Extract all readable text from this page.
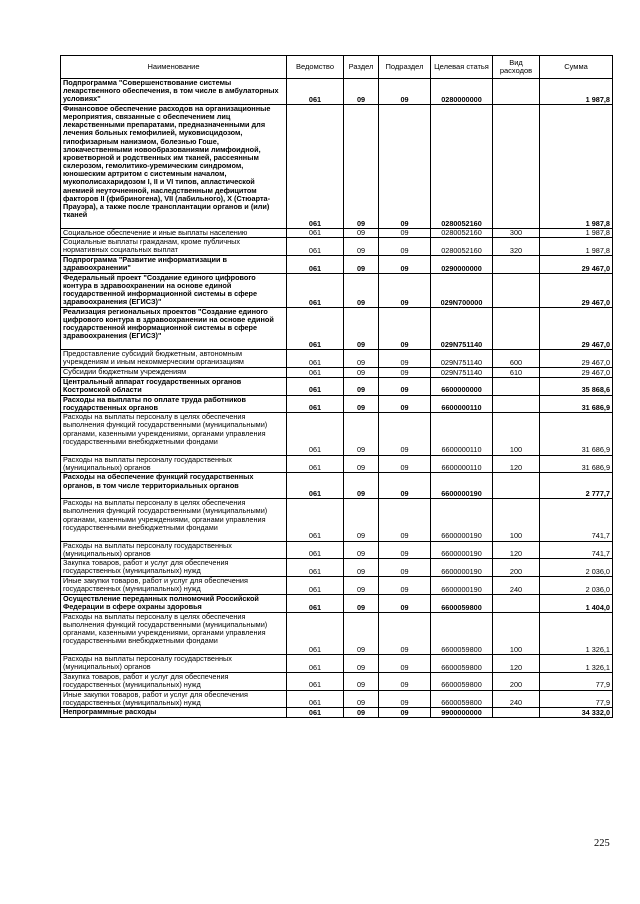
Наименование	Ведомство	Раздел	Подраздел	Целевая статья	Вид расходов	Сумма
Подпрограмма "Совершенствование системы лекарственного обеспечения, в том числе в амбулаторных условиях"	061	09	09	0280000000		1 987,8
Финансовое обеспечение расходов на организационные мероприятия, связанные с обеспечением лиц лекарственными препаратами, предназначенными для лечения больных гемофилией, муковисцидозом, гипофизарным нанизмом, болезнью Гоше, злокачественными новообразованиями лимфоидной, кроветворной и родственных им тканей, рассеянным склерозом, гемолитико-уремическим синдромом, юношеским артритом с системным началом, мукополисахаридозом I, II и VI типов, апластической анемией неуточненной, наследственным дефицитом факторов II (фибриногена), VII (лабильного), X (Стюарта-Прауэра), а также после трансплантации органов и (или) тканей	061	09	09	0280052160		1 987,8
Социальное обеспечение и иные выплаты населению	061	09	09	0280052160	300	1 987,8
Социальные выплаты гражданам, кроме публичных нормативных социальных выплат	061	09	09	0280052160	320	1 987,8
Подпрограмма "Развитие информатизации в здравоохранении"	061	09	09	0290000000		29 467,0
Федеральный проект "Создание единого цифрового контура в здравоохранении на основе единой государственной информационной системы в сфере здравоохранения (ЕГИСЗ)"	061	09	09	029N700000		29 467,0
Реализация региональных проектов "Создание единого цифрового контура в здравоохранении на основе единой государственной информационной системы в сфере здравоохранения (ЕГИСЗ)"	061	09	09	029N751140		29 467,0
Предоставление субсидий бюджетным, автономным учреждениям и иным некоммерческим организациям	061	09	09	029N751140	600	29 467,0
Субсидии бюджетным учреждениям	061	09	09	029N751140	610	29 467,0
Центральный аппарат государственных органов Костромской области	061	09	09	6600000000		35 868,6
Расходы на выплаты по оплате труда работников государственных органов	061	09	09	6600000110		31 686,9
Расходы на выплаты персоналу в целях обеспечения выполнения функций государственными (муниципальными) органами, казенными учреждениями, органами управления государственными внебюджетными фондами	061	09	09	6600000110	100	31 686,9
Расходы на выплаты персоналу государственных (муниципальных) органов	061	09	09	6600000110	120	31 686,9
Расходы на обеспечение функций государственных органов, в том числе территориальных органов	061	09	09	6600000190		2 777,7
Расходы на выплаты персоналу в целях обеспечения выполнения функций государственными (муниципальными) органами, казенными учреждениями, органами управления государственными внебюджетными фондами	061	09	09	6600000190	100	741,7
Расходы на выплаты персоналу государственных (муниципальных) органов	061	09	09	6600000190	120	741,7
Закупка товаров, работ и услуг для обеспечения государственных (муниципальных) нужд	061	09	09	6600000190	200	2 036,0
Иные закупки товаров, работ и услуг для обеспечения государственных (муниципальных) нужд	061	09	09	6600000190	240	2 036,0
Осуществление переданных полномочий Российской Федерации в сфере охраны здоровья	061	09	09	6600059800		1 404,0
Расходы на выплаты персоналу в целях обеспечения выполнения функций государственными (муниципальными) органами, казенными учреждениями, органами управления государственными внебюджетными фондами	061	09	09	6600059800	100	1 326,1
Расходы на выплаты персоналу государственных (муниципальных) органов	061	09	09	6600059800	120	1 326,1
Закупка товаров, работ и услуг для обеспечения государственных (муниципальных) нужд	061	09	09	6600059800	200	77,9
Иные закупки товаров, работ и услуг для обеспечения государственных (муниципальных) нужд	061	09	09	6600059800	240	77,9
Непрограммные расходы	061	09	09	9900000000		34 332,0
225
